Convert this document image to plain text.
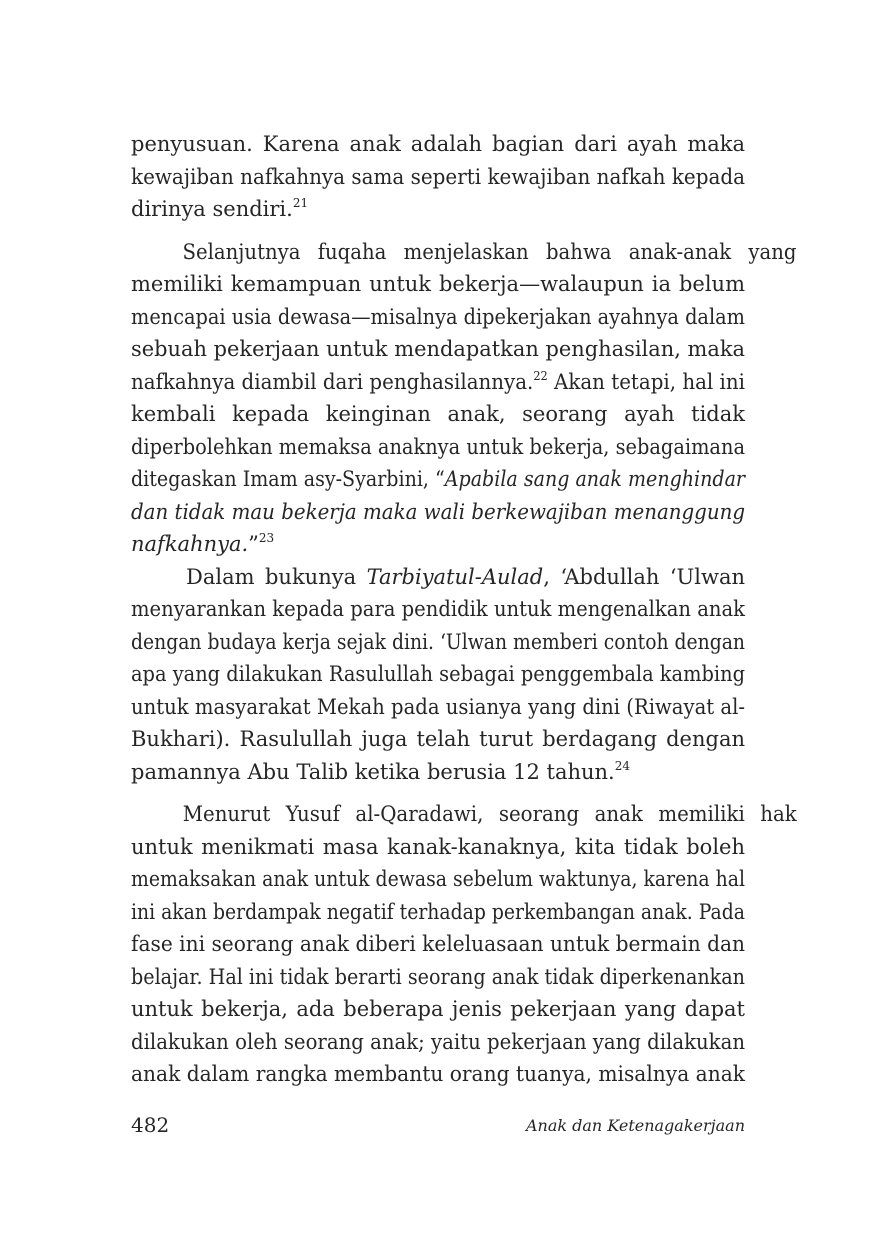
penyusuan. Karena anak adalah bagian dari ayah maka
kewajiban nafkahnya sama seperti kewajiban nafkah kepada
dirinya sendiri.$^{21}$
Selanjutnya fuqaha menjelaskan bahwa anak-anak yang
memiliki kemampuan untuk bekerja—walaupun ia belum
mencapai usia dewasa—misalnya dipekerjakan ayahnya dalam
sebuah pekerjaan untuk mendapatkan penghasilan, maka
nafkahnya diambil dari penghasilannya.$^{22}$ Akan tetapi, hal ini
kembali kepada keinginan anak, seorang ayah tidak
diperbolehkan memaksa anaknya untuk bekerja, sebagaimana
ditegaskan Imam asy-Syarbini, “Apabila sang anak menghindar
dan tidak mau bekerja maka wali berkewajiban menanggung
nafkahnya.”$^{23}$
Dalam bukunya Tarbiyatul-Aulad, ‘Abdullah ‘Ulwan
menyarankan kepada para pendidik untuk mengenalkan anak
dengan budaya kerja sejak dini. ‘Ulwan memberi contoh dengan
apa yang dilakukan Rasulullah sebagai penggembala kambing
untuk masyarakat Mekah pada usianya yang dini (Riwayat al-
Bukhari). Rasulullah juga telah turut berdagang dengan
pamannya Abu Talib ketika berusia 12 tahun.$^{24}$
Menurut Yusuf al-Qaradawi, seorang anak memiliki hak
untuk menikmati masa kanak-kanaknya, kita tidak boleh
memaksakan anak untuk dewasa sebelum waktunya, karena hal
ini akan berdampak negatif terhadap perkembangan anak. Pada
fase ini seorang anak diberi keleluasaan untuk bermain dan
belajar. Hal ini tidak berarti seorang anak tidak diperkenankan
untuk bekerja, ada beberapa jenis pekerjaan yang dapat
dilakukan oleh seorang anak; yaitu pekerjaan yang dilakukan
anak dalam rangka membantu orang tuanya, misalnya anak
482	Anak dan Ketenagakerjaan
